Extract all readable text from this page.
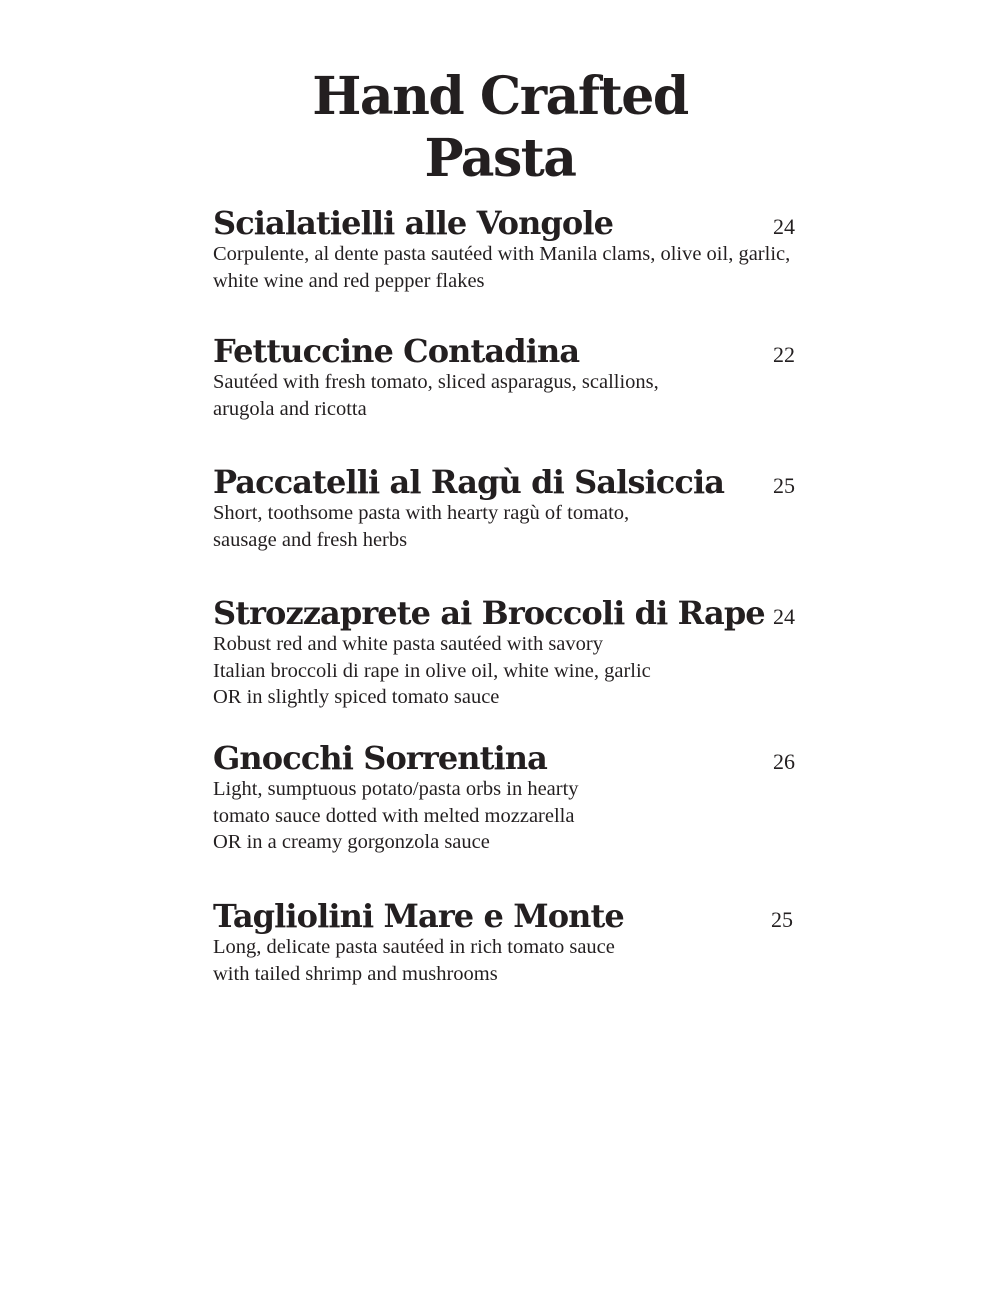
Hand Crafted
Pasta
Scialatielli alle Vongole	24
Corpulente, al dente pasta sautéed with Manila clams, olive oil, garlic,
white wine and red pepper flakes
Fettuccine Contadina	22
Sautéed with fresh tomato, sliced asparagus, scallions,
arugola and ricotta
Paccatelli al Ragù di Salsiccia	25
Short, toothsome pasta with hearty ragù of tomato,
sausage and fresh herbs
Strozzaprete ai Broccoli di Rape 24
Robust red and white pasta sautéed with savory
Italian broccoli di rape in olive oil, white wine, garlic
OR in slightly spiced tomato sauce
Gnocchi Sorrentina	26
Light, sumptuous potato/pasta orbs in hearty
tomato sauce dotted with melted mozzarella
OR in a creamy gorgonzola sauce
Tagliolini Mare e Monte	25
Long, delicate pasta sautéed in rich tomato sauce
with tailed shrimp and mushrooms
